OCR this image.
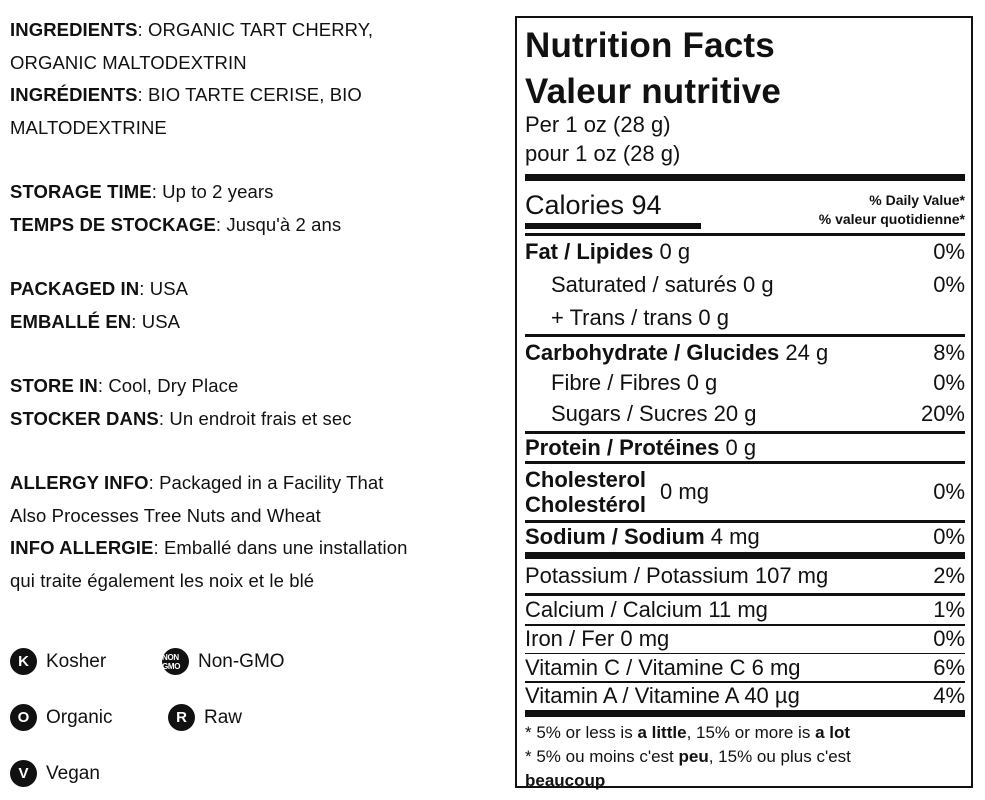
INGREDIENTS: ORGANIC TART CHERRY,
ORGANIC MALTODEXTRIN
INGRÉDIENTS: BIO TARTE CERISE, BIO
MALTODEXTRINE
STORAGE TIME: Up to 2 years
TEMPS DE STOCKAGE: Jusqu'à 2 ans
PACKAGED IN: USA
EMBALLÉ EN: USA
STORE IN: Cool, Dry Place
STOCKER DANS: Un endroit frais et sec
ALLERGY INFO: Packaged in a Facility That
Also Processes Tree Nuts and Wheat
INFO ALLERGIE: Emballé dans une installation
qui traite également les noix et le blé
K Kosher	NON GMO Non-GMO
O Organic	R Raw
V Vegan
Nutrition Facts
Valeur nutritive
Per 1 oz (28 g)
pour 1 oz (28 g)
Calories 94	% Daily Value*
% valeur quotidienne*
Fat / Lipides 0 g	0%
Saturated / saturés 0 g	0%
+ Trans / trans 0 g
Carbohydrate / Glucides 24 g	8%
Fibre / Fibres 0 g	0%
Sugars / Sucres 20 g	20%
Protein / Protéines 0 g
Cholesterol
Cholestérol
0 mg	0%
Sodium / Sodium 4 mg	0%
Potassium / Potassium 107 mg	2%
Calcium / Calcium 11 mg	1%
Iron / Fer 0 mg	0%
Vitamin C / Vitamine C 6 mg	6%
Vitamin A / Vitamine A 40 µg	4%
* 5% or less is a little, 15% or more is a lot
* 5% ou moins c'est peu, 15% ou plus c'est
beaucoup
